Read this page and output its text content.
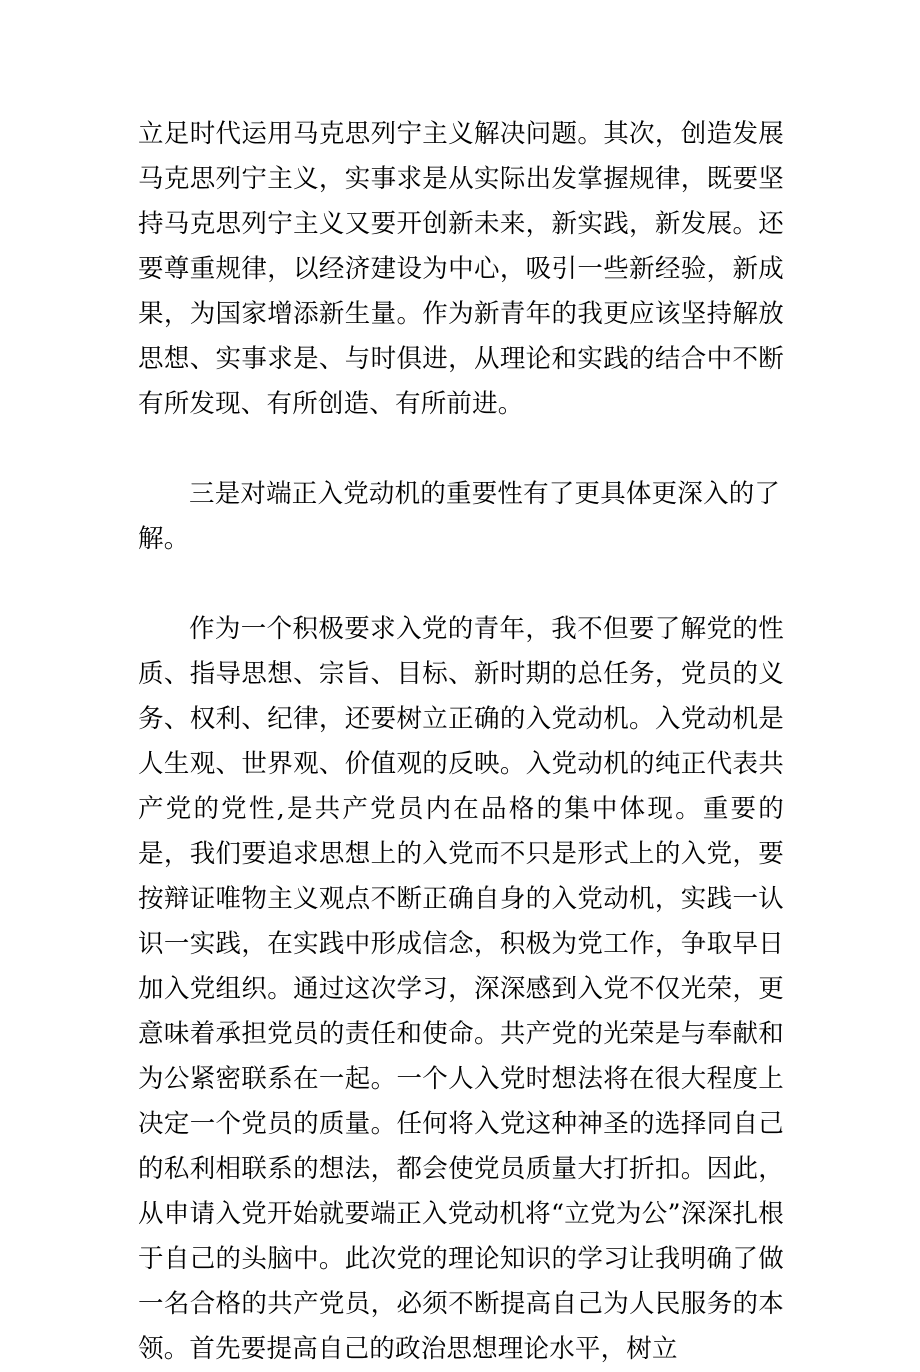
立足时代运用马克思列宁主义解决问题。其次，创造发展马克思列宁主义，实事求是从实际出发掌握规律，既要坚持马克思列宁主义又要开创新未来，新实践，新发展。还要尊重规律，以经济建设为中心，吸引一些新经验，新成果，为国家增添新生量。作为新青年的我更应该坚持解放思想、实事求是、与时俱进，从理论和实践的结合中不断有所发现、有所创造、有所前进。

三是对端正入党动机的重要性有了更具体更深入的了解。

作为一个积极要求入党的青年，我不但要了解党的性质、指导思想、宗旨、目标、新时期的总任务，党员的义务、权利、纪律，还要树立正确的入党动机。入党动机是人生观、世界观、价值观的反映。入党动机的纯正代表共产党的党性,是共产党员内在品格的集中体现。重要的是，我们要追求思想上的入党而不只是形式上的入党，要按辩证唯物主义观点不断正确自身的入党动机，实践一认识一实践，在实践中形成信念，积极为党工作，争取早日加入党组织。通过这次学习，深深感到入党不仅光荣，更意味着承担党员的责任和使命。共产党的光荣是与奉献和为公紧密联系在一起。一个人入党时想法将在很大程度上决定一个党员的质量。任何将入党这种神圣的选择同自己的私利相联系的想法，都会使党员质量大打折扣。因此，从申请入党开始就要端正入党动机将“立党为公”深深扎根于自己的头脑中。此次党的理论知识的学习让我明确了做一名合格的共产党员，必须不断提高自己为人民服务的本领。首先要提高自己的政治思想理论水平，树立
